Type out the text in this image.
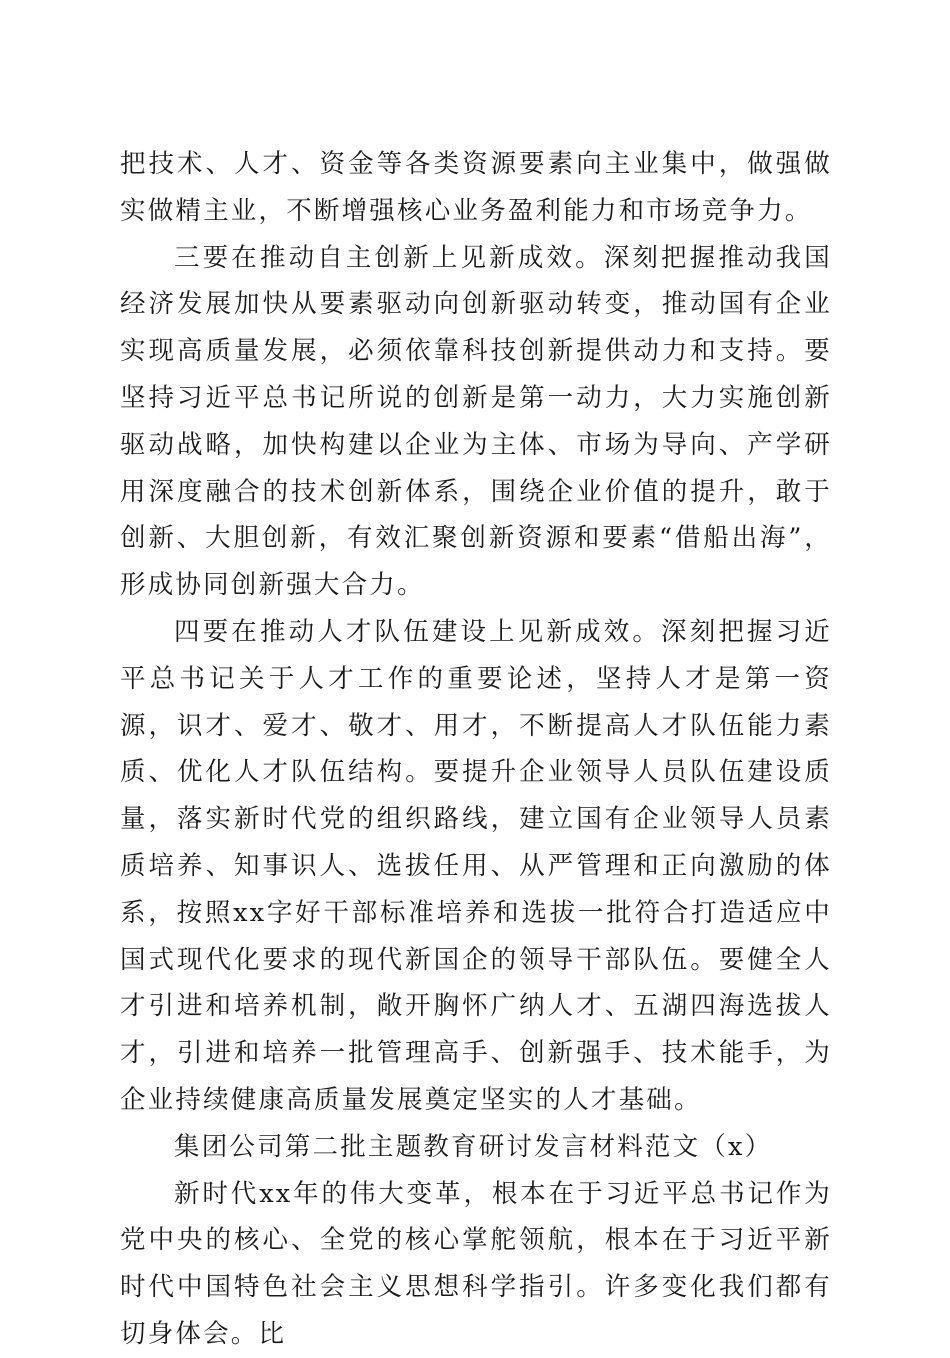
把技术、人才、资金等各类资源要素向主业集中，做强做实做精主业，不断增强核心业务盈利能力和市场竞争力。

三要在推动自主创新上见新成效。深刻把握推动我国经济发展加快从要素驱动向创新驱动转变，推动国有企业实现高质量发展，必须依靠科技创新提供动力和支持。要坚持习近平总书记所说的创新是第一动力，大力实施创新驱动战略，加快构建以企业为主体、市场为导向、产学研用深度融合的技术创新体系，围绕企业价值的提升，敢于创新、大胆创新，有效汇聚创新资源和要素“借船出海”，形成协同创新强大合力。

四要在推动人才队伍建设上见新成效。深刻把握习近平总书记关于人才工作的重要论述，坚持人才是第一资源，识才、爱才、敬才、用才，不断提高人才队伍能力素质、优化人才队伍结构。要提升企业领导人员队伍建设质量，落实新时代党的组织路线，建立国有企业领导人员素质培养、知事识人、选拔任用、从严管理和正向激励的体系，按照xx字好干部标准培养和选拔一批符合打造适应中国式现代化要求的现代新国企的领导干部队伍。要健全人才引进和培养机制，敞开胸怀广纳人才、五湖四海选拔人才，引进和培养一批管理高手、创新强手、技术能手，为企业持续健康高质量发展奠定坚实的人才基础。

集团公司第二批主题教育研讨发言材料范文（x）

新时代xx年的伟大变革，根本在于习近平总书记作为党中央的核心、全党的核心掌舵领航，根本在于习近平新时代中国特色社会主义思想科学指引。许多变化我们都有切身体会。比
